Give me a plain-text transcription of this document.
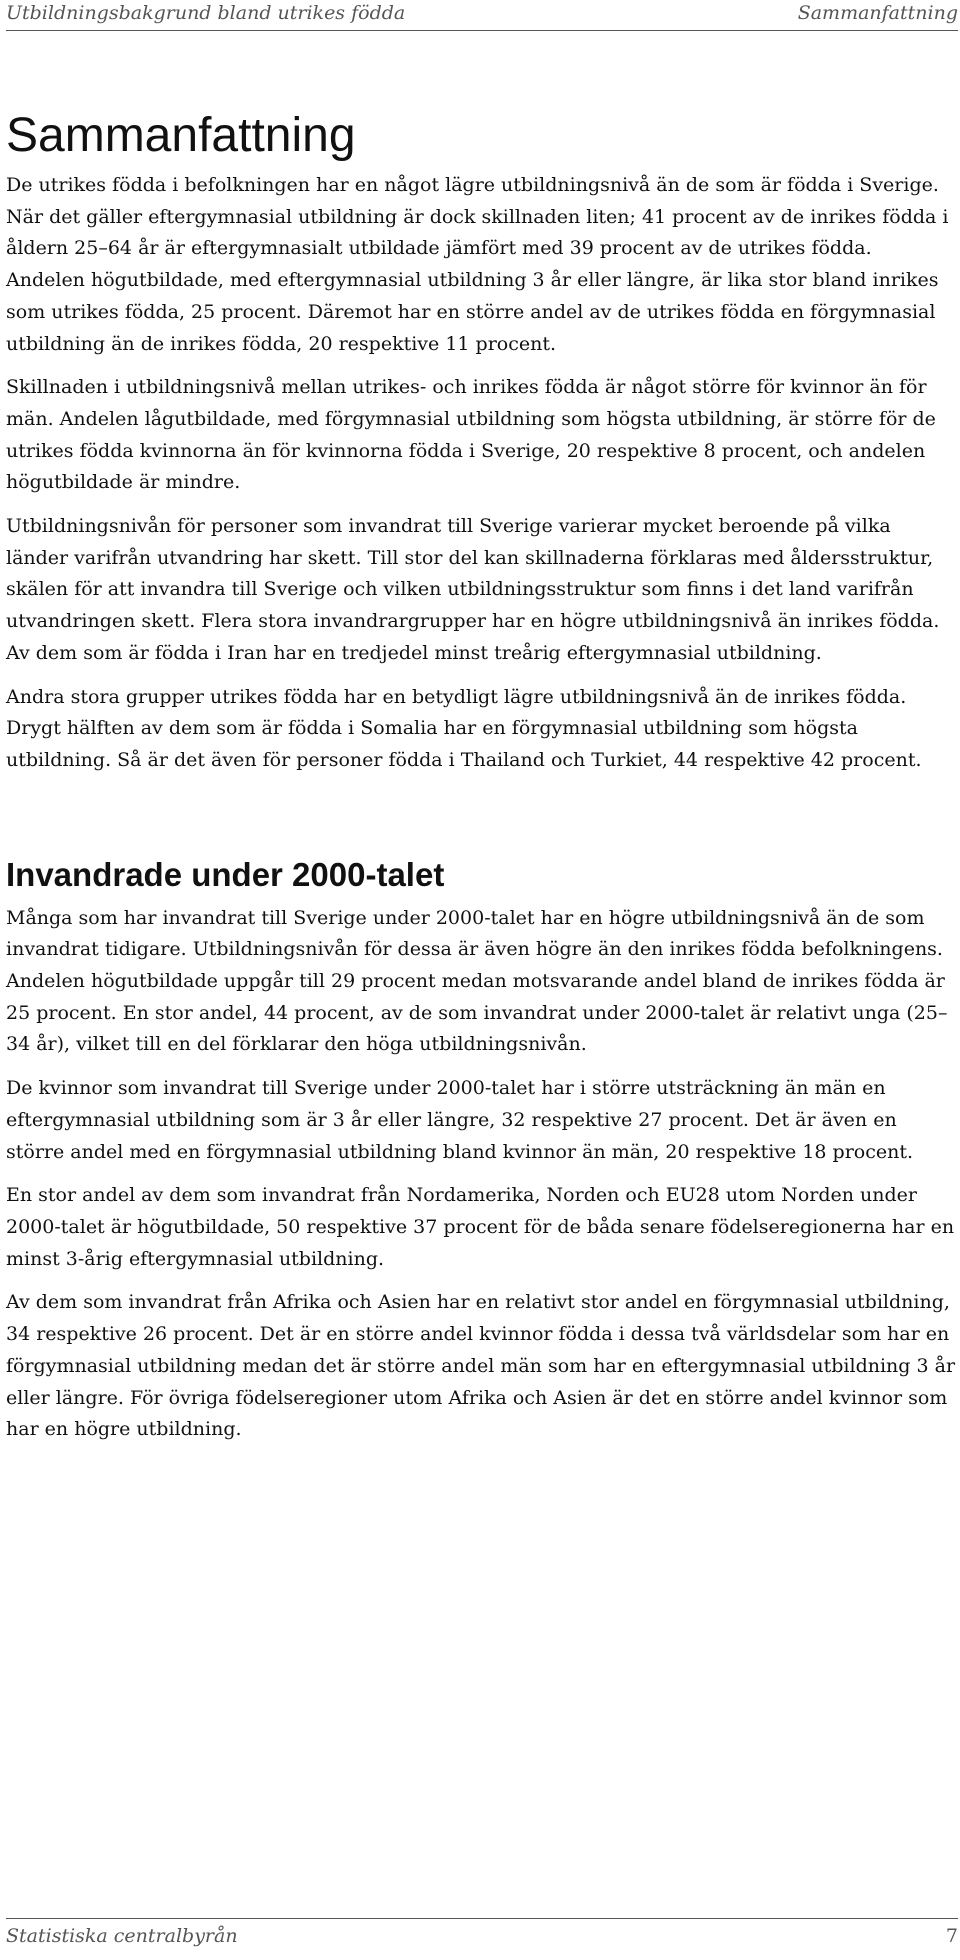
Utbildningsbakgrund bland utrikes födda	Sammanfattning
Sammanfattning

De utrikes födda i befolkningen har en något lägre utbildningsnivå än de som är födda i Sverige. När det gäller eftergymnasial utbildning är dock skillnaden liten; 41 procent av de inrikes födda i åldern 25–64 år är eftergymnasialt utbildade jämfört med 39 procent av de utrikes födda. Andelen högutbildade, med eftergymnasial utbildning 3 år eller längre, är lika stor bland inrikes som utrikes födda, 25 procent. Däremot har en större andel av de utrikes födda en förgymnasial utbildning än de inrikes födda, 20 respektive 11 procent.

Skillnaden i utbildningsnivå mellan utrikes- och inrikes födda är något större för kvinnor än för män. Andelen lågutbildade, med förgymnasial utbildning som högsta utbildning, är större för de utrikes födda kvinnorna än för kvinnorna födda i Sverige, 20 respektive 8 procent, och andelen högutbildade är mindre.

Utbildningsnivån för personer som invandrat till Sverige varierar mycket beroende på vilka länder varifrån utvandring har skett. Till stor del kan skillnaderna förklaras med åldersstruktur, skälen för att invandra till Sverige och vilken utbildningsstruktur som finns i det land varifrån utvandringen skett. Flera stora invandrargrupper har en högre utbildningsnivå än inrikes födda. Av dem som är födda i Iran har en tredjedel minst treårig eftergymnasial utbildning.

Andra stora grupper utrikes födda har en betydligt lägre utbildningsnivå än de inrikes födda. Drygt hälften av dem som är födda i Somalia har en förgymnasial utbildning som högsta utbildning. Så är det även för personer födda i Thailand och Turkiet, 44 respektive 42 procent.

Invandrade under 2000-talet

Många som har invandrat till Sverige under 2000-talet har en högre utbildningsnivå än de som invandrat tidigare. Utbildningsnivån för dessa är även högre än den inrikes födda befolkningens. Andelen högutbildade uppgår till 29 procent medan motsvarande andel bland de inrikes födda är 25 procent. En stor andel, 44 procent, av de som invandrat under 2000-talet är relativt unga (25–34 år), vilket till en del förklarar den höga utbildningsnivån.

De kvinnor som invandrat till Sverige under 2000-talet har i större utsträckning än män en eftergymnasial utbildning som är 3 år eller längre, 32 respektive 27 procent. Det är även en större andel med en förgymnasial utbildning bland kvinnor än män, 20 respektive 18 procent.

En stor andel av dem som invandrat från Nordamerika, Norden och EU28 utom Norden under 2000-talet är högutbildade, 50 respektive 37 procent för de båda senare födelseregionerna har en minst 3-årig eftergymnasial utbildning.

Av dem som invandrat från Afrika och Asien har en relativt stor andel en förgymnasial utbildning, 34 respektive 26 procent. Det är en större andel kvinnor födda i dessa två världsdelar som har en förgymnasial utbildning medan det är större andel män som har en eftergymnasial utbildning 3 år eller längre. För övriga födelseregioner utom Afrika och Asien är det en större andel kvinnor som har en högre utbildning.

Statistiska centralbyrån	7
